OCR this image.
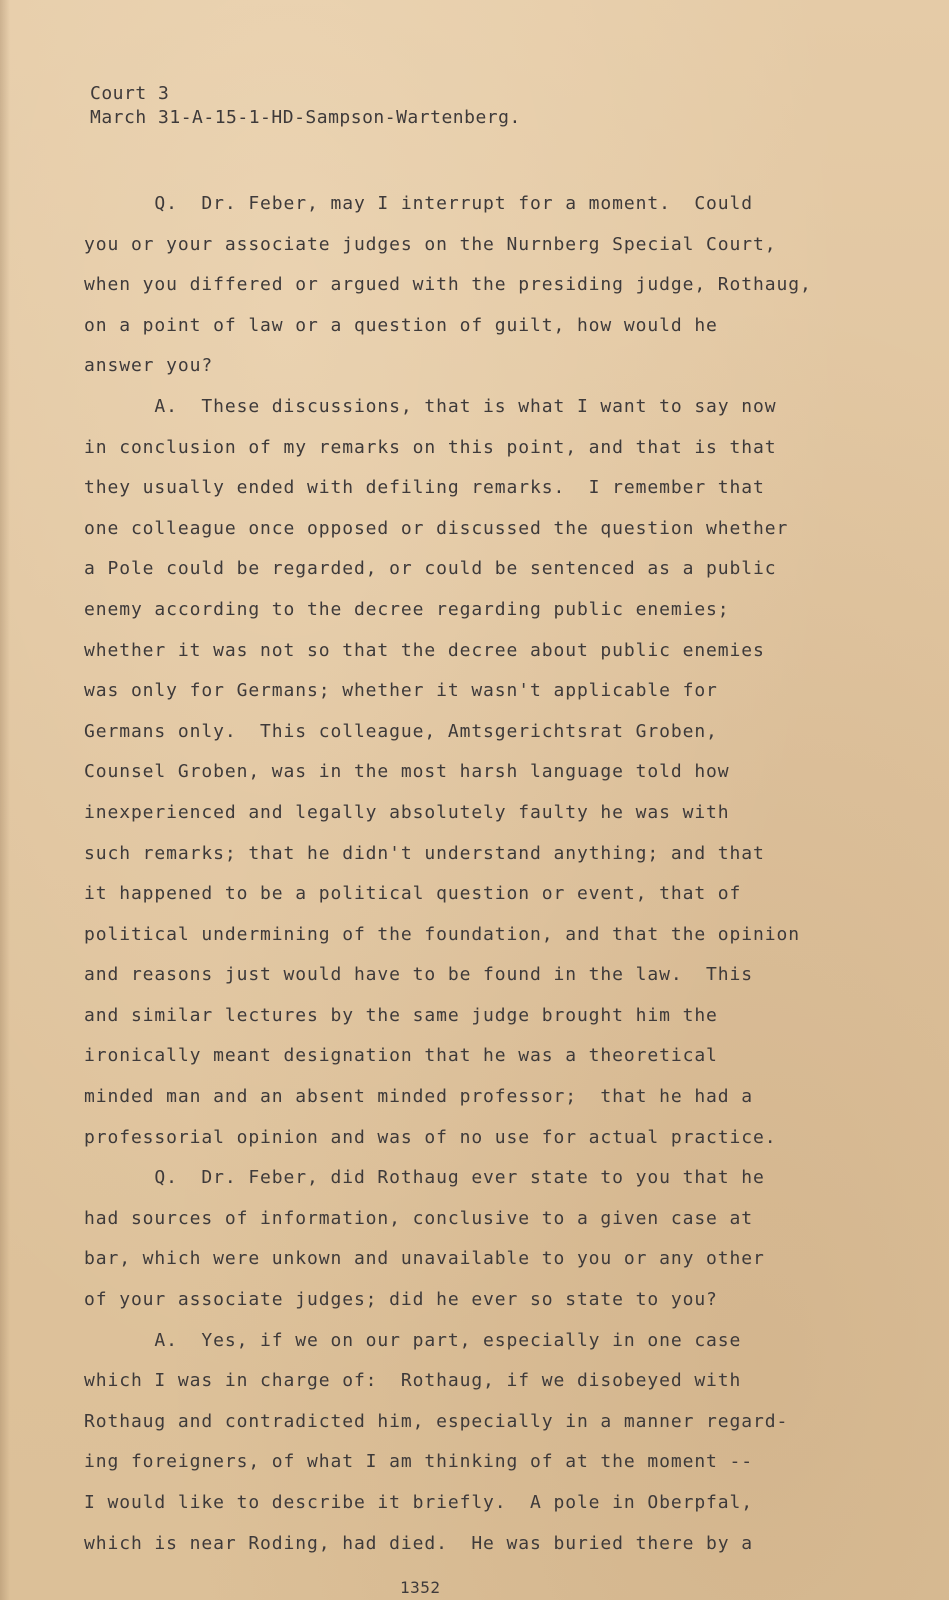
Court 3
March 31-A-15-1-HD-Sampson-Wartenberg.
Q.  Dr. Feber, may I interrupt for a moment.  Could
you or your associate judges on the Nurnberg Special Court,
when you differed or argued with the presiding judge, Rothaug,
on a point of law or a question of guilt, how would he
answer you?
A.  These discussions, that is what I want to say now
in conclusion of my remarks on this point, and that is that
they usually ended with defiling remarks.  I remember that
one colleague once opposed or discussed the question whether
a Pole could be regarded, or could be sentenced as a public
enemy according to the decree regarding public enemies;
whether it was not so that the decree about public enemies
was only for Germans; whether it wasn't applicable for
Germans only.  This colleague, Amtsgerichtsrat Groben,
Counsel Groben, was in the most harsh language told how
inexperienced and legally absolutely faulty he was with
such remarks; that he didn't understand anything; and that
it happened to be a political question or event, that of
political undermining of the foundation, and that the opinion
and reasons just would have to be found in the law.  This
and similar lectures by the same judge brought him the
ironically meant designation that he was a theoretical
minded man and an absent minded professor;  that he had a
professorial opinion and was of no use for actual practice.
Q.  Dr. Feber, did Rothaug ever state to you that he
had sources of information, conclusive to a given case at
bar, which were unkown and unavailable to you or any other
of your associate judges; did he ever so state to you?
A.  Yes, if we on our part, especially in one case
which I was in charge of:  Rothaug, if we disobeyed with
Rothaug and contradicted him, especially in a manner regard-
ing foreigners, of what I am thinking of at the moment --
I would like to describe it briefly.  A pole in Oberpfal,
which is near Roding, had died.  He was buried there by a
1352
